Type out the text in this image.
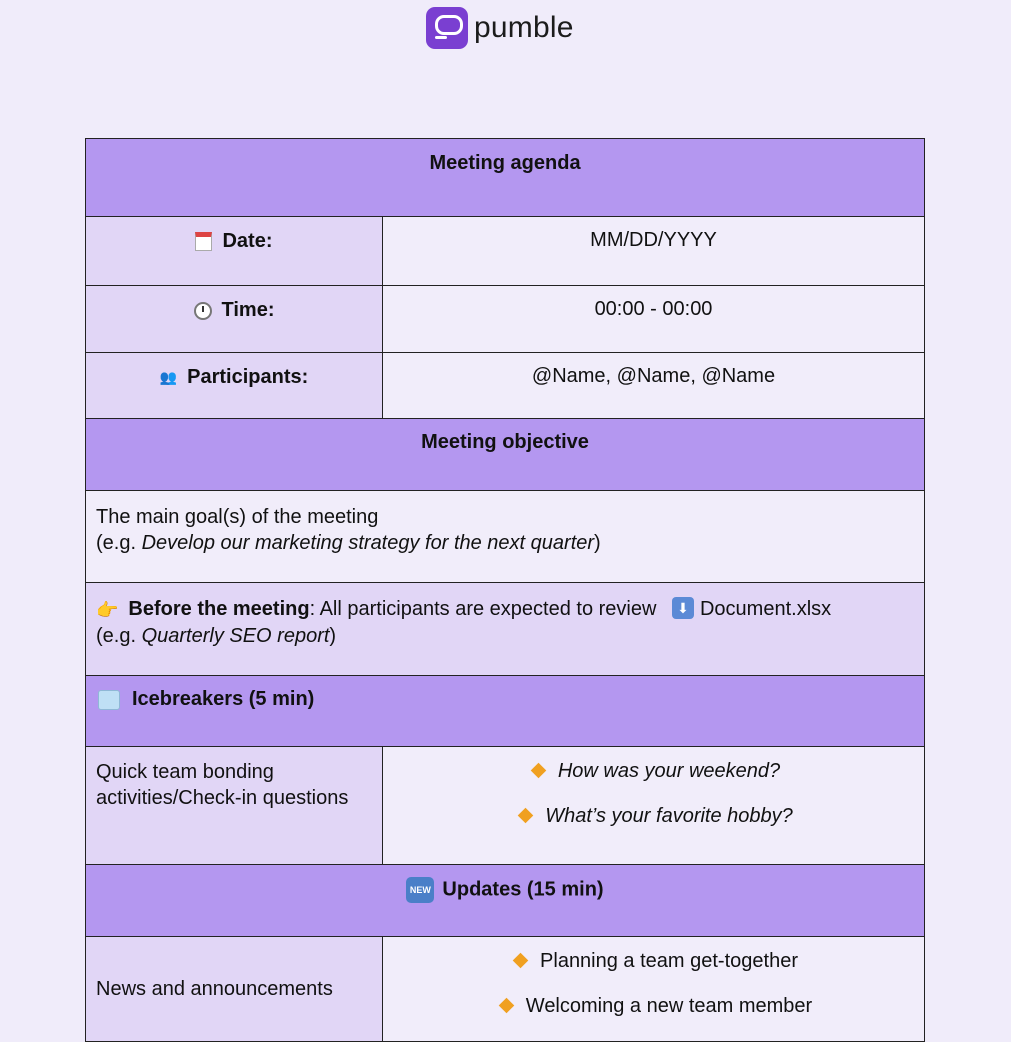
pumble
Meeting agenda	
Date:	MM/DD/YYYY
Time:	00:00 - 00:00
👥 Participants:	@Name, @Name, @Name
Meeting objective	
The main goal(s) of the meeting
(e.g. Develop our marketing strategy for the next quarter)	
👉 Before the meeting: All participants are expected to review ⬇ Document.xlsx
(e.g. Quarterly SEO report)	
Icebreakers (5 min)	
Quick team bonding activities/Check-in questions	How was your weekend?
What’s your favorite hobby?

NEW Updates (15 min)	
News and announcements	Planning a team get-together
Welcoming a new team member
